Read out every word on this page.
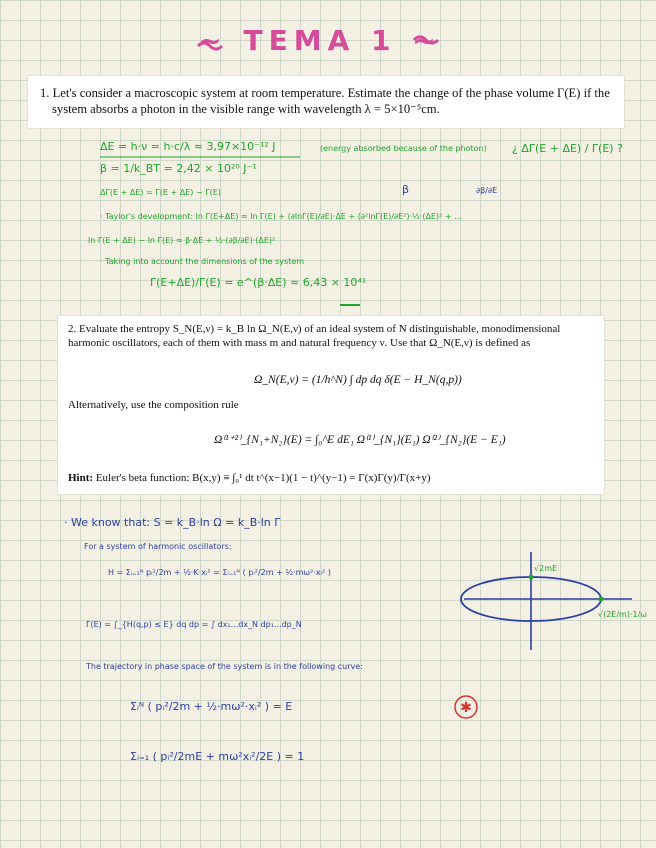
~ TEMA 1 ~
1. Let's consider a macroscopic system at room temperature. Estimate the change of the phase volume Γ(E) if the system absorbs a photon in the visible range with wavelength λ = 5×10⁻⁵cm.
ΔE = h·ν = h·c/λ ≈ 3,97×10⁻¹² J	(energy absorbed because of the photon) ¿ ΔΓ(E + ΔE) / Γ(E) ?
β = 1/k_BT = 2,42 × 10²⁰ J⁻¹
ΔΓ(E + ΔE) = Γ(E + ΔE) − Γ(E)	β	∂β/∂E
· Taylor's development: ln Γ(E+ΔE) ≈ ln Γ(E) + (∂lnΓ(E)/∂E)·ΔE + (∂²lnΓ(E)/∂E²)·½·(ΔE)² + ...
ln Γ(E + ΔE) − ln Γ(E) ≈ β·ΔE + ½·(∂β/∂E)·(ΔE)²
· Taking into account the dimensions of the system
Γ(E+ΔE)/Γ(E) = e^(β·ΔE) ≈ 6,43 × 10⁴¹
2. Evaluate the entropy S_N(E,ν) = k_B ln Ω_N(E,ν) of an ideal system of N distinguishable, monodimensional harmonic oscillators, each of them with mass m and natural frequency ν. Use that Ω_N(E,ν) is defined as
Ω_N(E,ν) = (1/h^N) ∫ dp dq δ(E − H_N(q,p))
Alternatively, use the composition rule
Ω⁽¹⁺²⁾_{N₁+N₂}(E) = ∫₀^E dE₁ Ω⁽¹⁾_{N₁}(E₁) Ω⁽²⁾_{N₂}(E − E₁)
Hint: Euler's beta function: B(x,y) ≡ ∫₀¹ dt t^(x−1)(1 − t)^(y−1) = Γ(x)Γ(y)/Γ(x+y)
· We know that: S = k_B·ln Ω = k_B·ln Γ
For a system of harmonic oscillators:
H = Σᵢ₌₁ᴺ pᵢ²/2m + ½·K·xᵢ² = Σᵢ₌₁ᴺ ( pᵢ²/2m + ½·mω²·xᵢ² )
Γ(E) = ∫_{H(q,p) ≤ E} dq dp = ∫ dx₁...dx_N dp₁...dp_N
√2mE
√(2E/m)·1/ω
The trajectory in phase space of the system is in the following curve:
Σᵢᴺ ( pᵢ²/2m + ½·mω²·xᵢ² ) = E
Σᵢ₌₁ ( pᵢ²/2mE + mω²xᵢ²/2E ) = 1
✱
